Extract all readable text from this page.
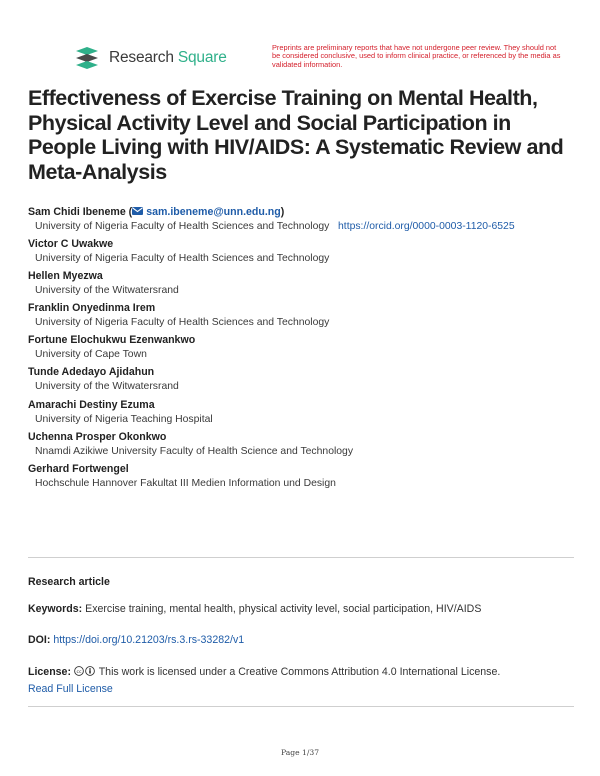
Research Square
Preprints are preliminary reports that have not undergone peer review. They should not be considered conclusive, used to inform clinical practice, or referenced by the media as validated information.
Effectiveness of Exercise Training on Mental Health, Physical Activity Level and Social Participation in People Living with HIV/AIDS: A Systematic Review and Meta-Analysis
Sam Chidi Ibeneme ( sam.ibeneme@unn.edu.ng)
University of Nigeria Faculty of Health Sciences and Technology https://orcid.org/0000-0003-1120-6525
Victor C Uwakwe
University of Nigeria Faculty of Health Sciences and Technology
Hellen Myezwa
University of the Witwatersrand
Franklin Onyedinma Irem
University of Nigeria Faculty of Health Sciences and Technology
Fortune Elochukwu Ezenwankwo
University of Cape Town
Tunde Adedayo Ajidahun
University of the Witwatersrand
Amarachi Destiny Ezuma
University of Nigeria Teaching Hospital
Uchenna Prosper Okonkwo
Nnamdi Azikiwe University Faculty of Health Science and Technology
Gerhard Fortwengel
Hochschule Hannover Fakultat III Medien Information und Design
Research article
Keywords: Exercise training, mental health, physical activity level, social participation, HIV/AIDS
DOI: https://doi.org/10.21203/rs.3.rs-33282/v1
License: cc This work is licensed under a Creative Commons Attribution 4.0 International License.
Read Full License
Page 1/37
